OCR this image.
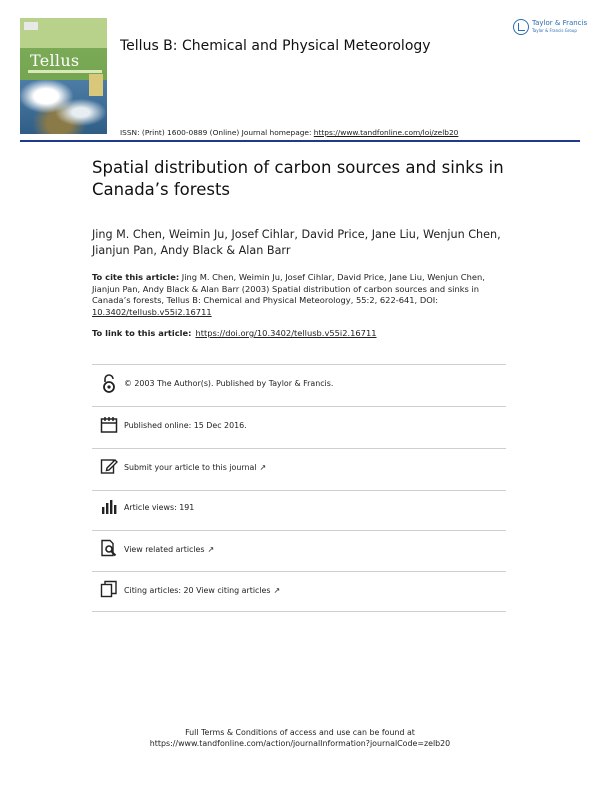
Tellus
Tellus B: Chemical and Physical Meteorology
Taylor & Francis
Taylor & Francis Group
ISSN: (Print) 1600-0889 (Online) Journal homepage: https://www.tandfonline.com/loi/zelb20
Spatial distribution of carbon sources and sinks in Canada’s forests
Jing M. Chen, Weimin Ju, Josef Cihlar, David Price, Jane Liu, Wenjun Chen, Jianjun Pan, Andy Black & Alan Barr
To cite this article: Jing M. Chen, Weimin Ju, Josef Cihlar, David Price, Jane Liu, Wenjun Chen, Jianjun Pan, Andy Black & Alan Barr (2003) Spatial distribution of carbon sources and sinks in Canada’s forests, Tellus B: Chemical and Physical Meteorology, 55:2, 622-641, DOI: 10.3402/tellusb.v55i2.16711
To link to this article: https://doi.org/10.3402/tellusb.v55i2.16711
© 2003 The Author(s). Published by Taylor & Francis.
Published online: 15 Dec 2016.
Submit your article to this journal ↗
Article views: 191
View related articles ↗
Citing articles: 20 View citing articles ↗
Full Terms & Conditions of access and use can be found at
https://www.tandfonline.com/action/journalInformation?journalCode=zelb20
